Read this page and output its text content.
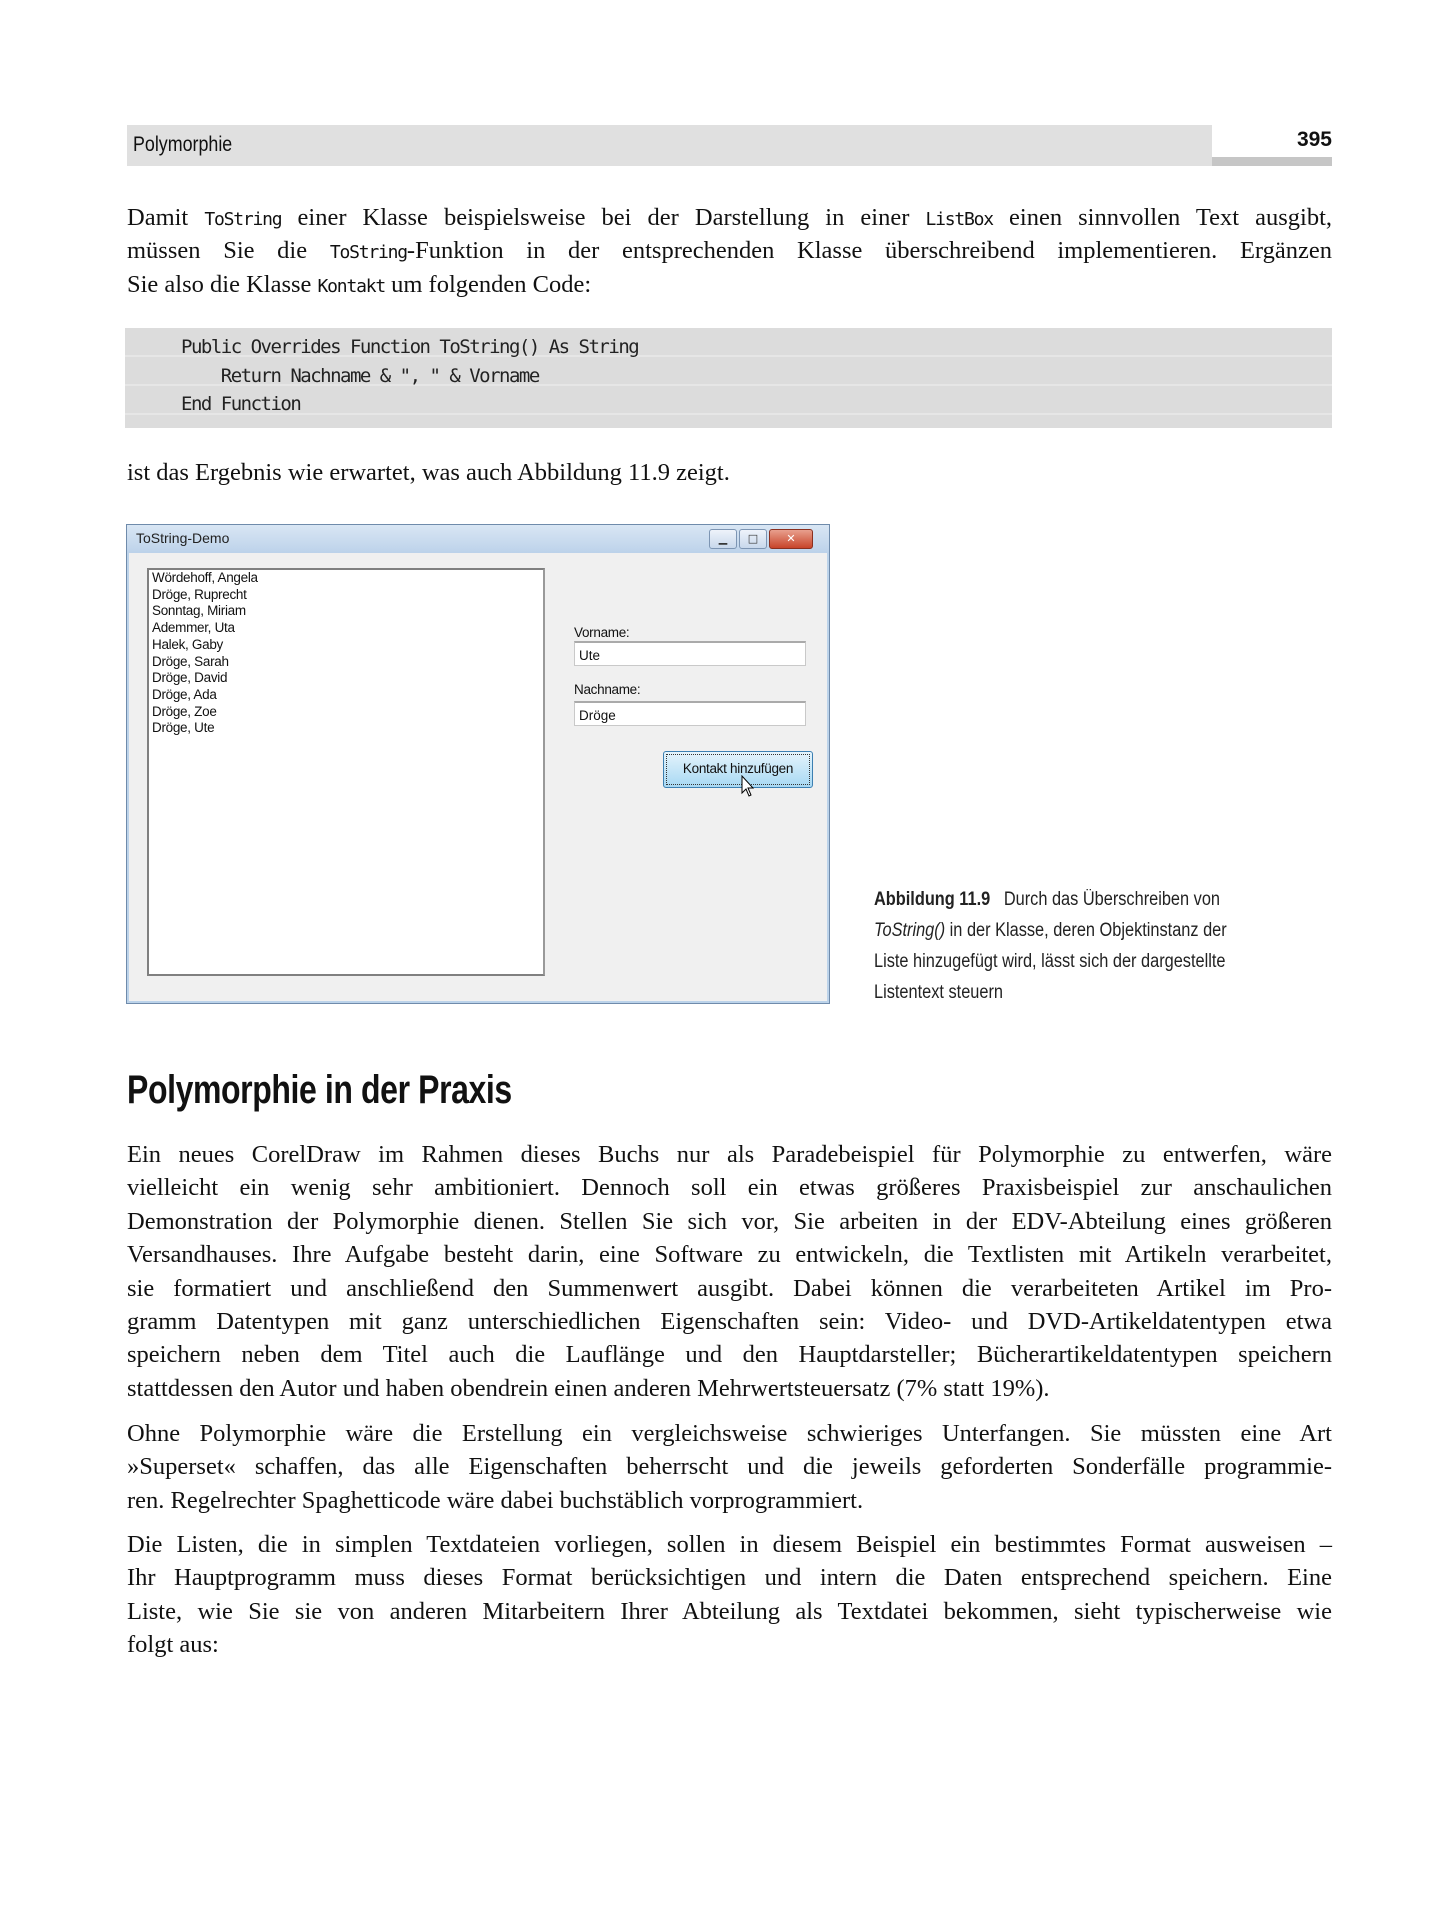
Polymorphie	395
Damit ToString einer Klasse beispielsweise bei der Darstellung in einer ListBox einen sinnvollen Text ausgibt,
müssen Sie die ToString-Funktion in der entsprechenden Klasse überschreibend implementieren. Ergänzen
Sie also die Klasse Kontakt um folgenden Code:
Public Overrides Function ToString() As String
Return Nachname & ", " & Vorname
End Function
ist das Ergebnis wie erwartet, was auch Abbildung 11.9 zeigt.
ToString-Demo	▁	□	✕
Wördehoff, Angela
Dröge, Ruprecht
Sonntag, Miriam
Ademmer, Uta
Halek, Gaby
Dröge, Sarah
Dröge, David
Dröge, Ada
Dröge, Zoe
Dröge, Ute
Vorname:
Ute
Nachname:
Dröge
Kontakt hinzufügen
Abbildung 11.9 Durch das Überschreiben von
ToString() in der Klasse, deren Objektinstanz der
Liste hinzugefügt wird, lässt sich der dargestellte
Listentext steuern
Polymorphie in der Praxis
Ein neues CorelDraw im Rahmen dieses Buchs nur als Paradebeispiel für Polymorphie zu entwerfen, wäre
vielleicht ein wenig sehr ambitioniert. Dennoch soll ein etwas größeres Praxisbeispiel zur anschaulichen
Demonstration der Polymorphie dienen. Stellen Sie sich vor, Sie arbeiten in der EDV-Abteilung eines größeren
Versandhauses. Ihre Aufgabe besteht darin, eine Software zu entwickeln, die Textlisten mit Artikeln verarbeitet,
sie formatiert und anschließend den Summenwert ausgibt. Dabei können die verarbeiteten Artikel im Pro-
gramm Datentypen mit ganz unterschiedlichen Eigenschaften sein: Video- und DVD-Artikeldatentypen etwa
speichern neben dem Titel auch die Lauflänge und den Hauptdarsteller; Bücherartikeldatentypen speichern
stattdessen den Autor und haben obendrein einen anderen Mehrwertsteuersatz (7% statt 19%).
Ohne Polymorphie wäre die Erstellung ein vergleichsweise schwieriges Unterfangen. Sie müssten eine Art
»Superset« schaffen, das alle Eigenschaften beherrscht und die jeweils geforderten Sonderfälle programmie-
ren. Regelrechter Spaghetticode wäre dabei buchstäblich vorprogrammiert.
Die Listen, die in simplen Textdateien vorliegen, sollen in diesem Beispiel ein bestimmtes Format ausweisen –
Ihr Hauptprogramm muss dieses Format berücksichtigen und intern die Daten entsprechend speichern. Eine
Liste, wie Sie sie von anderen Mitarbeitern Ihrer Abteilung als Textdatei bekommen, sieht typischerweise wie
folgt aus:
